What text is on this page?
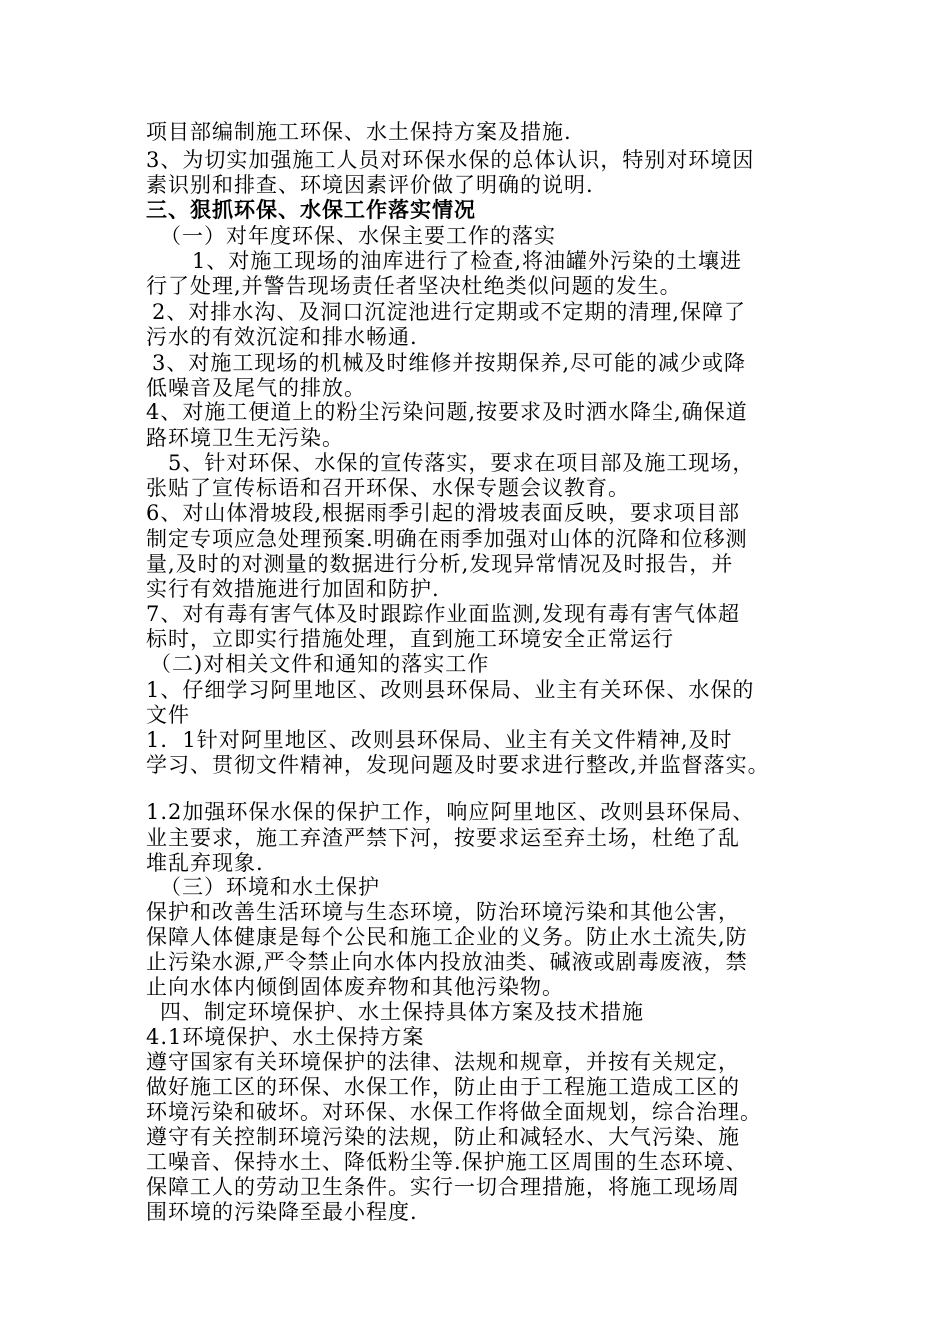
项目部编制施工环保、水土保持方案及措施.

3、为切实加强施工人员对环保水保的总体认识，特别对环境因

素识别和排查、环境因素评价做了明确的说明.

三、狠抓环保、水保工作落实情况

（一）对年度环保、水保主要工作的落实

1、对施工现场的油库进行了检查,将油罐外污染的土壤进

行了处理,并警告现场责任者坚决杜绝类似问题的发生。

2、对排水沟、及洞口沉淀池进行定期或不定期的清理,保障了

污水的有效沉淀和排水畅通.

3、对施工现场的机械及时维修并按期保养,尽可能的减少或降

低噪音及尾气的排放。

4、对施工便道上的粉尘污染问题,按要求及时洒水降尘,确保道

路环境卫生无污染。

5、针对环保、水保的宣传落实，要求在项目部及施工现场，

张贴了宣传标语和召开环保、水保专题会议教育。

6、对山体滑坡段,根据雨季引起的滑坡表面反映，要求项目部

制定专项应急处理预案.明确在雨季加强对山体的沉降和位移测

量,及时的对测量的数据进行分析,发现异常情况及时报告，并

实行有效措施进行加固和防护.

7、对有毒有害气体及时跟踪作业面监测,发现有毒有害气体超

标时，立即实行措施处理，直到施工环境安全正常运行

（二)对相关文件和通知的落实工作

1、仔细学习阿里地区、改则县环保局、业主有关环保、水保的

文件

1．1针对阿里地区、改则县环保局、业主有关文件精神,及时

学习、贯彻文件精神，发现问题及时要求进行整改,并监督落实。

1.2加强环保水保的保护工作，响应阿里地区、改则县环保局、

业主要求，施工弃渣严禁下河，按要求运至弃土场，杜绝了乱

堆乱弃现象.

（三）环境和水土保护

保护和改善生活环境与生态环境，防治环境污染和其他公害，

保障人体健康是每个公民和施工企业的义务。防止水土流失,防

止污染水源,严令禁止向水体内投放油类、碱液或剧毒废液，禁

止向水体内倾倒固体废弃物和其他污染物。

四、制定环境保护、水土保持具体方案及技术措施

4.1环境保护、水土保持方案

遵守国家有关环境保护的法律、法规和规章，并按有关规定，

做好施工区的环保、水保工作，防止由于工程施工造成工区的

环境污染和破坏。对环保、水保工作将做全面规划，综合治理。

遵守有关控制环境污染的法规，防止和减轻水、大气污染、施

工噪音、保持水土、降低粉尘等.保护施工区周围的生态环境、

保障工人的劳动卫生条件。实行一切合理措施，将施工现场周

围环境的污染降至最小程度.
